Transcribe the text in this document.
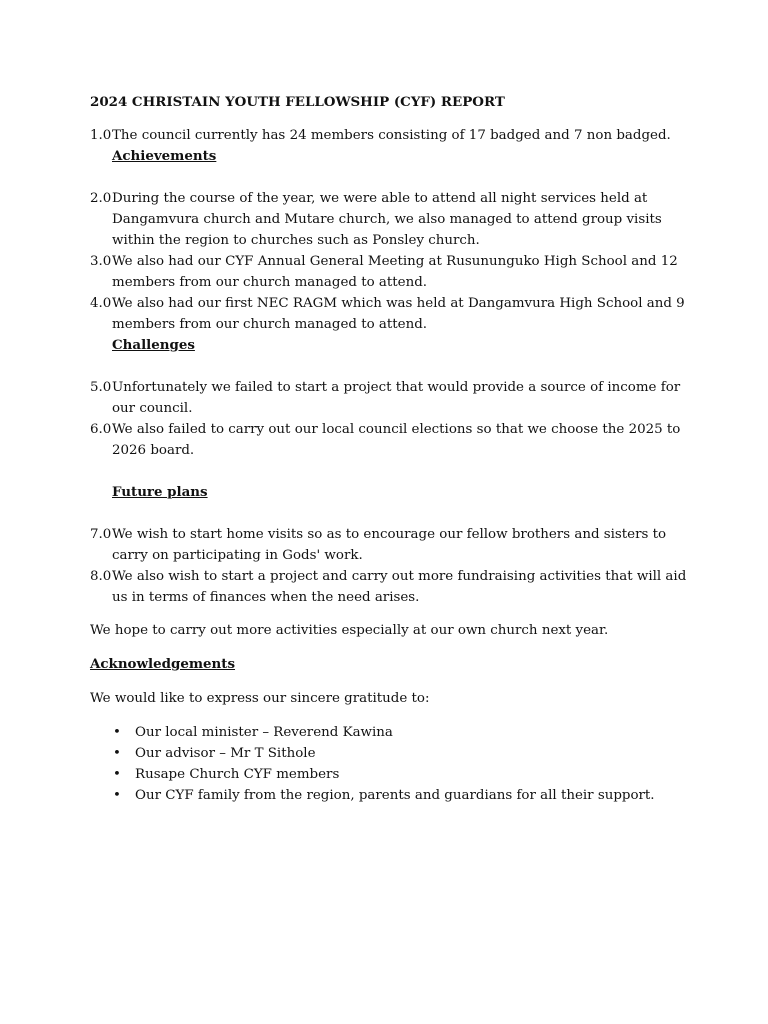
2024 CHRISTAIN YOUTH FELLOWSHIP (CYF) REPORT

1.0 The council currently has 24 members consisting of 17 badged and 7 non badged.
Achievements
2.0 During the course of the year, we were able to attend all night services held at Dangamvura church and Mutare church, we also managed to attend group visits within the region to churches such as Ponsley church.
3.0 We also had our CYF Annual General Meeting at Rusununguko High School and 12 members from our church managed to attend.
4.0 We also had our first NEC RAGM which was held at Dangamvura High School and 9 members from our church managed to attend.
Challenges
5.0 Unfortunately we failed to start a project that would provide a source of income for our council.
6.0 We also failed to carry out our local council elections so that we choose the 2025 to 2026 board.
Future plans
7.0 We wish to start home visits so as to encourage our fellow brothers and sisters to carry on participating in Gods' work.
8.0 We also wish to start a project and carry out more fundraising activities that will aid us in terms of finances when the need arises.

We hope to carry out more activities especially at our own church next year.

Acknowledgements

We would like to express our sincere gratitude to:

•	Our local minister – Reverend Kawina
•	Our advisor – Mr T Sithole
•	Rusape Church CYF members
•	Our CYF family from the region, parents and guardians for all their support.
